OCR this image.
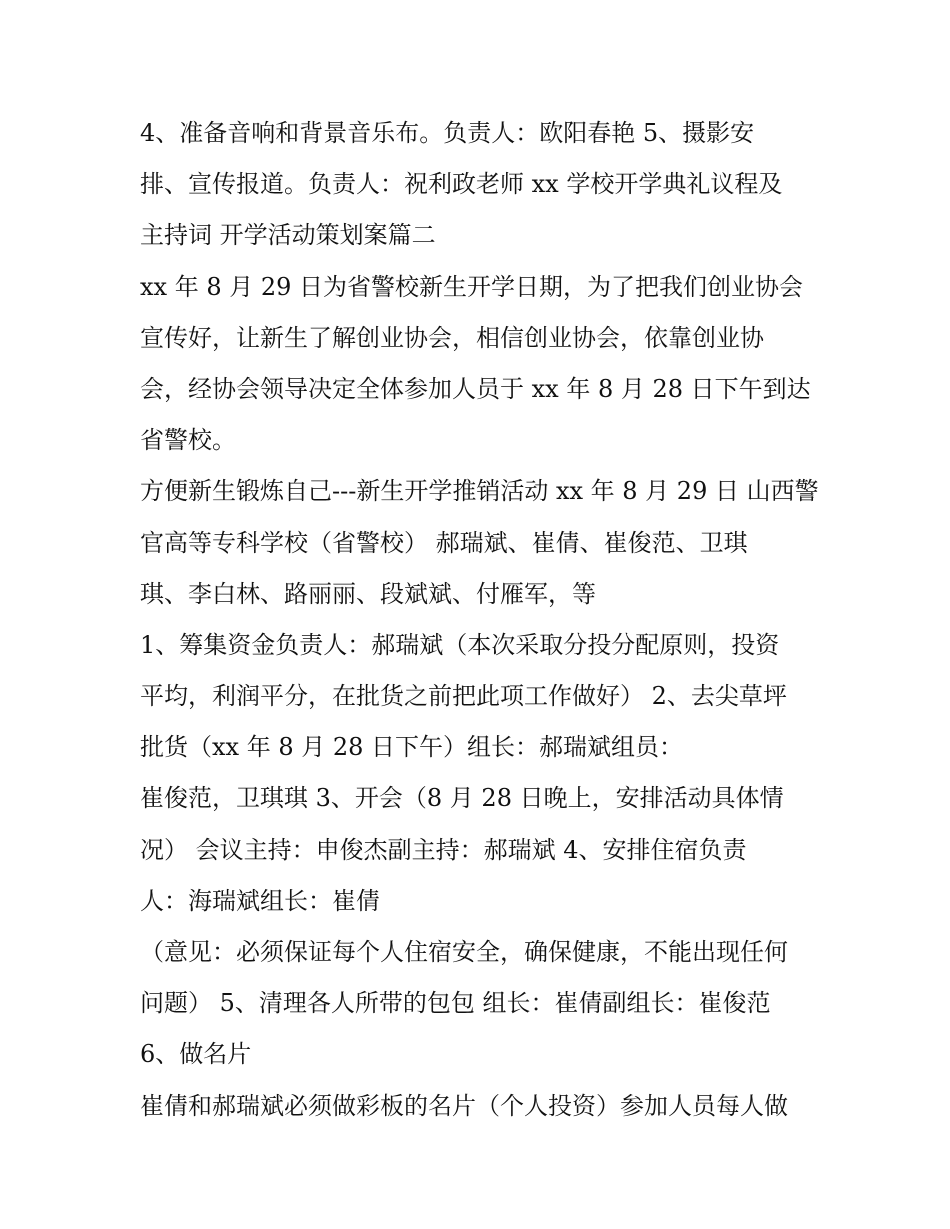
4、准备音响和背景音乐布。负责人：欧阳春艳 5、摄影安
排、宣传报道。负责人：祝利政老师 xx 学校开学典礼议程及
主持词 开学活动策划案篇二
xx 年 8 月 29 日为省警校新生开学日期，为了把我们创业协会
宣传好，让新生了解创业协会，相信创业协会，依靠创业协
会，经协会领导决定全体参加人员于 xx 年 8 月 28 日下午到达
省警校。
方便新生锻炼自己---新生开学推销活动 xx 年 8 月 29 日 山西警
官高等专科学校（省警校） 郝瑞斌、崔倩、崔俊范、卫琪
琪、李白林、路丽丽、段斌斌、付雁军，等
1、筹集资金负责人：郝瑞斌（本次采取分投分配原则，投资
平均，利润平分，在批货之前把此项工作做好） 2、去尖草坪
批货（xx 年 8 月 28 日下午）组长：郝瑞斌组员：
崔俊范，卫琪琪 3、开会（8 月 28 日晚上，安排活动具体情
况） 会议主持：申俊杰副主持：郝瑞斌 4、安排住宿负责
人：海瑞斌组长：崔倩
（意见：必须保证每个人住宿安全，确保健康，不能出现任何
问题） 5、清理各人所带的包包 组长：崔倩副组长：崔俊范
6、做名片
崔倩和郝瑞斌必须做彩板的名片（个人投资）参加人员每人做
